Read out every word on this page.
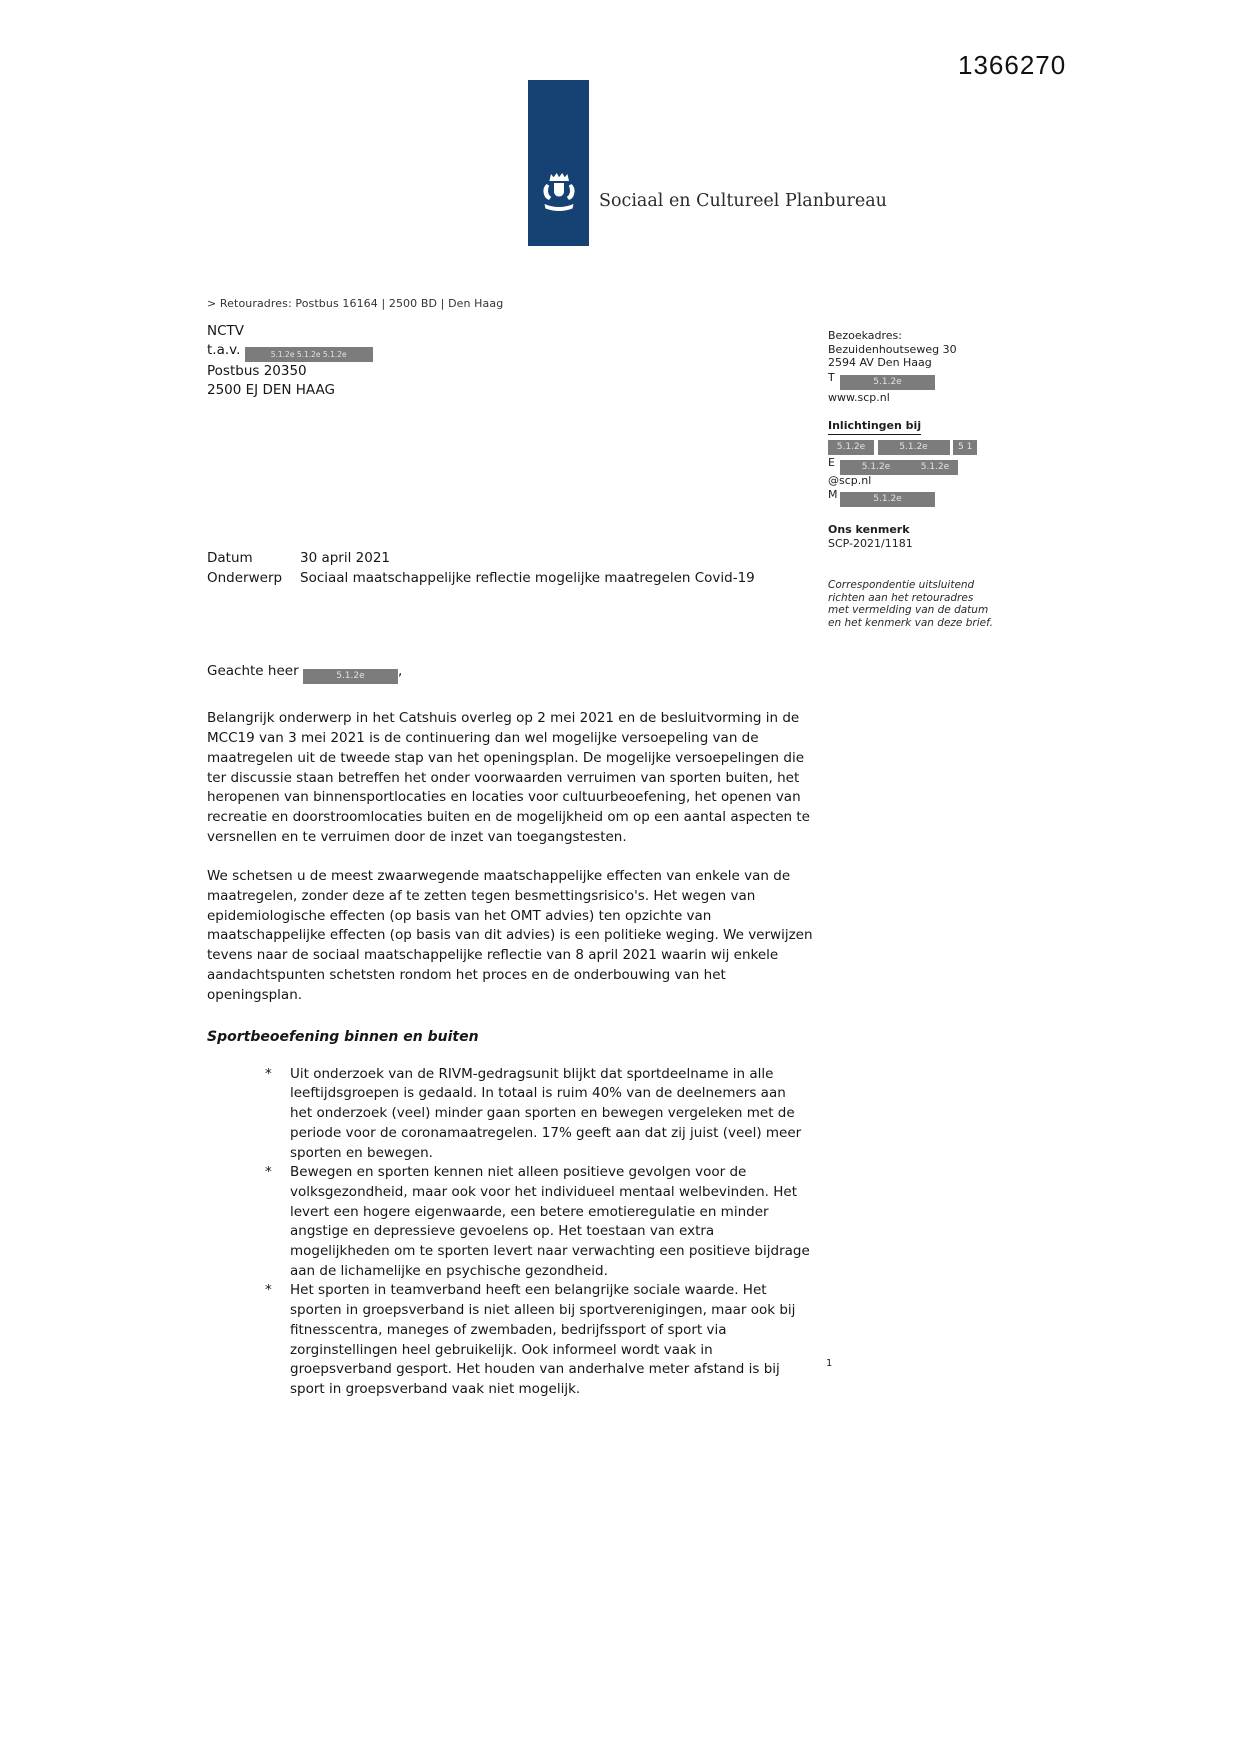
1366270
Sociaal en Cultureel Planbureau
> Retouradres: Postbus 16164 | 2500 BD | Den Haag
NCTV
t.a.v.	5.1.2e 5.1.2e 5.1.2e
Postbus 20350
2500 EJ DEN HAAG
Bezoekadres:
Bezuidenhoutseweg 30
2594 AV Den Haag
T	5.1.2e
www.scp.nl
Inlichtingen bij
5.1.2e	5.1.2e	5 1
E	5.1.2e	5.1.2e@scp.nl
M	5.1.2e
Ons kenmerk
SCP-2021/1181
Correspondentie uitsluitend richten aan het retouradres met vermelding van de datum en het kenmerk van deze brief.
Datum	30 april 2021
Onderwerp	Sociaal maatschappelijke reflectie mogelijke maatregelen Covid-19
Geachte heer	5.1.2e ,

Belangrijk onderwerp in het Catshuis overleg op 2 mei 2021 en de besluitvorming in de MCC19 van 3 mei 2021 is de continuering dan wel mogelijke versoepeling van de maatregelen uit de tweede stap van het openingsplan. De mogelijke versoepelingen die ter discussie staan betreffen het onder voorwaarden verruimen van sporten buiten, het heropenen van binnensportlocaties en locaties voor cultuurbeoefening, het openen van recreatie en doorstroomlocaties buiten en de mogelijkheid om op een aantal aspecten te versnellen en te verruimen door de inzet van toegangstesten.

We schetsen u de meest zwaarwegende maatschappelijke effecten van enkele van de maatregelen, zonder deze af te zetten tegen besmettingsrisico's. Het wegen van epidemiologische effecten (op basis van het OMT advies) ten opzichte van maatschappelijke effecten (op basis van dit advies) is een politieke weging. We verwijzen tevens naar de sociaal maatschappelijke reflectie van 8 april 2021 waarin wij enkele aandachtspunten schetsten rondom het proces en de onderbouwing van het openingsplan.

Sportbeoefening binnen en buiten
*	Uit onderzoek van de RIVM-gedragsunit blijkt dat sportdeelname in alle leeftijdsgroepen is gedaald. In totaal is ruim 40% van de deelnemers aan het onderzoek (veel) minder gaan sporten en bewegen vergeleken met de periode voor de coronamaatregelen. 17% geeft aan dat zij juist (veel) meer sporten en bewegen.
*	Bewegen en sporten kennen niet alleen positieve gevolgen voor de volksgezondheid, maar ook voor het individueel mentaal welbevinden. Het levert een hogere eigenwaarde, een betere emotieregulatie en minder angstige en depressieve gevoelens op. Het toestaan van extra mogelijkheden om te sporten levert naar verwachting een positieve bijdrage aan de lichamelijke en psychische gezondheid.
*	Het sporten in teamverband heeft een belangrijke sociale waarde. Het sporten in groepsverband is niet alleen bij sportverenigingen, maar ook bij fitnesscentra, maneges of zwembaden, bedrijfssport of sport via zorginstellingen heel gebruikelijk. Ook informeel wordt vaak in groepsverband gesport. Het houden van anderhalve meter afstand is bij sport in groepsverband vaak niet mogelijk.
1
